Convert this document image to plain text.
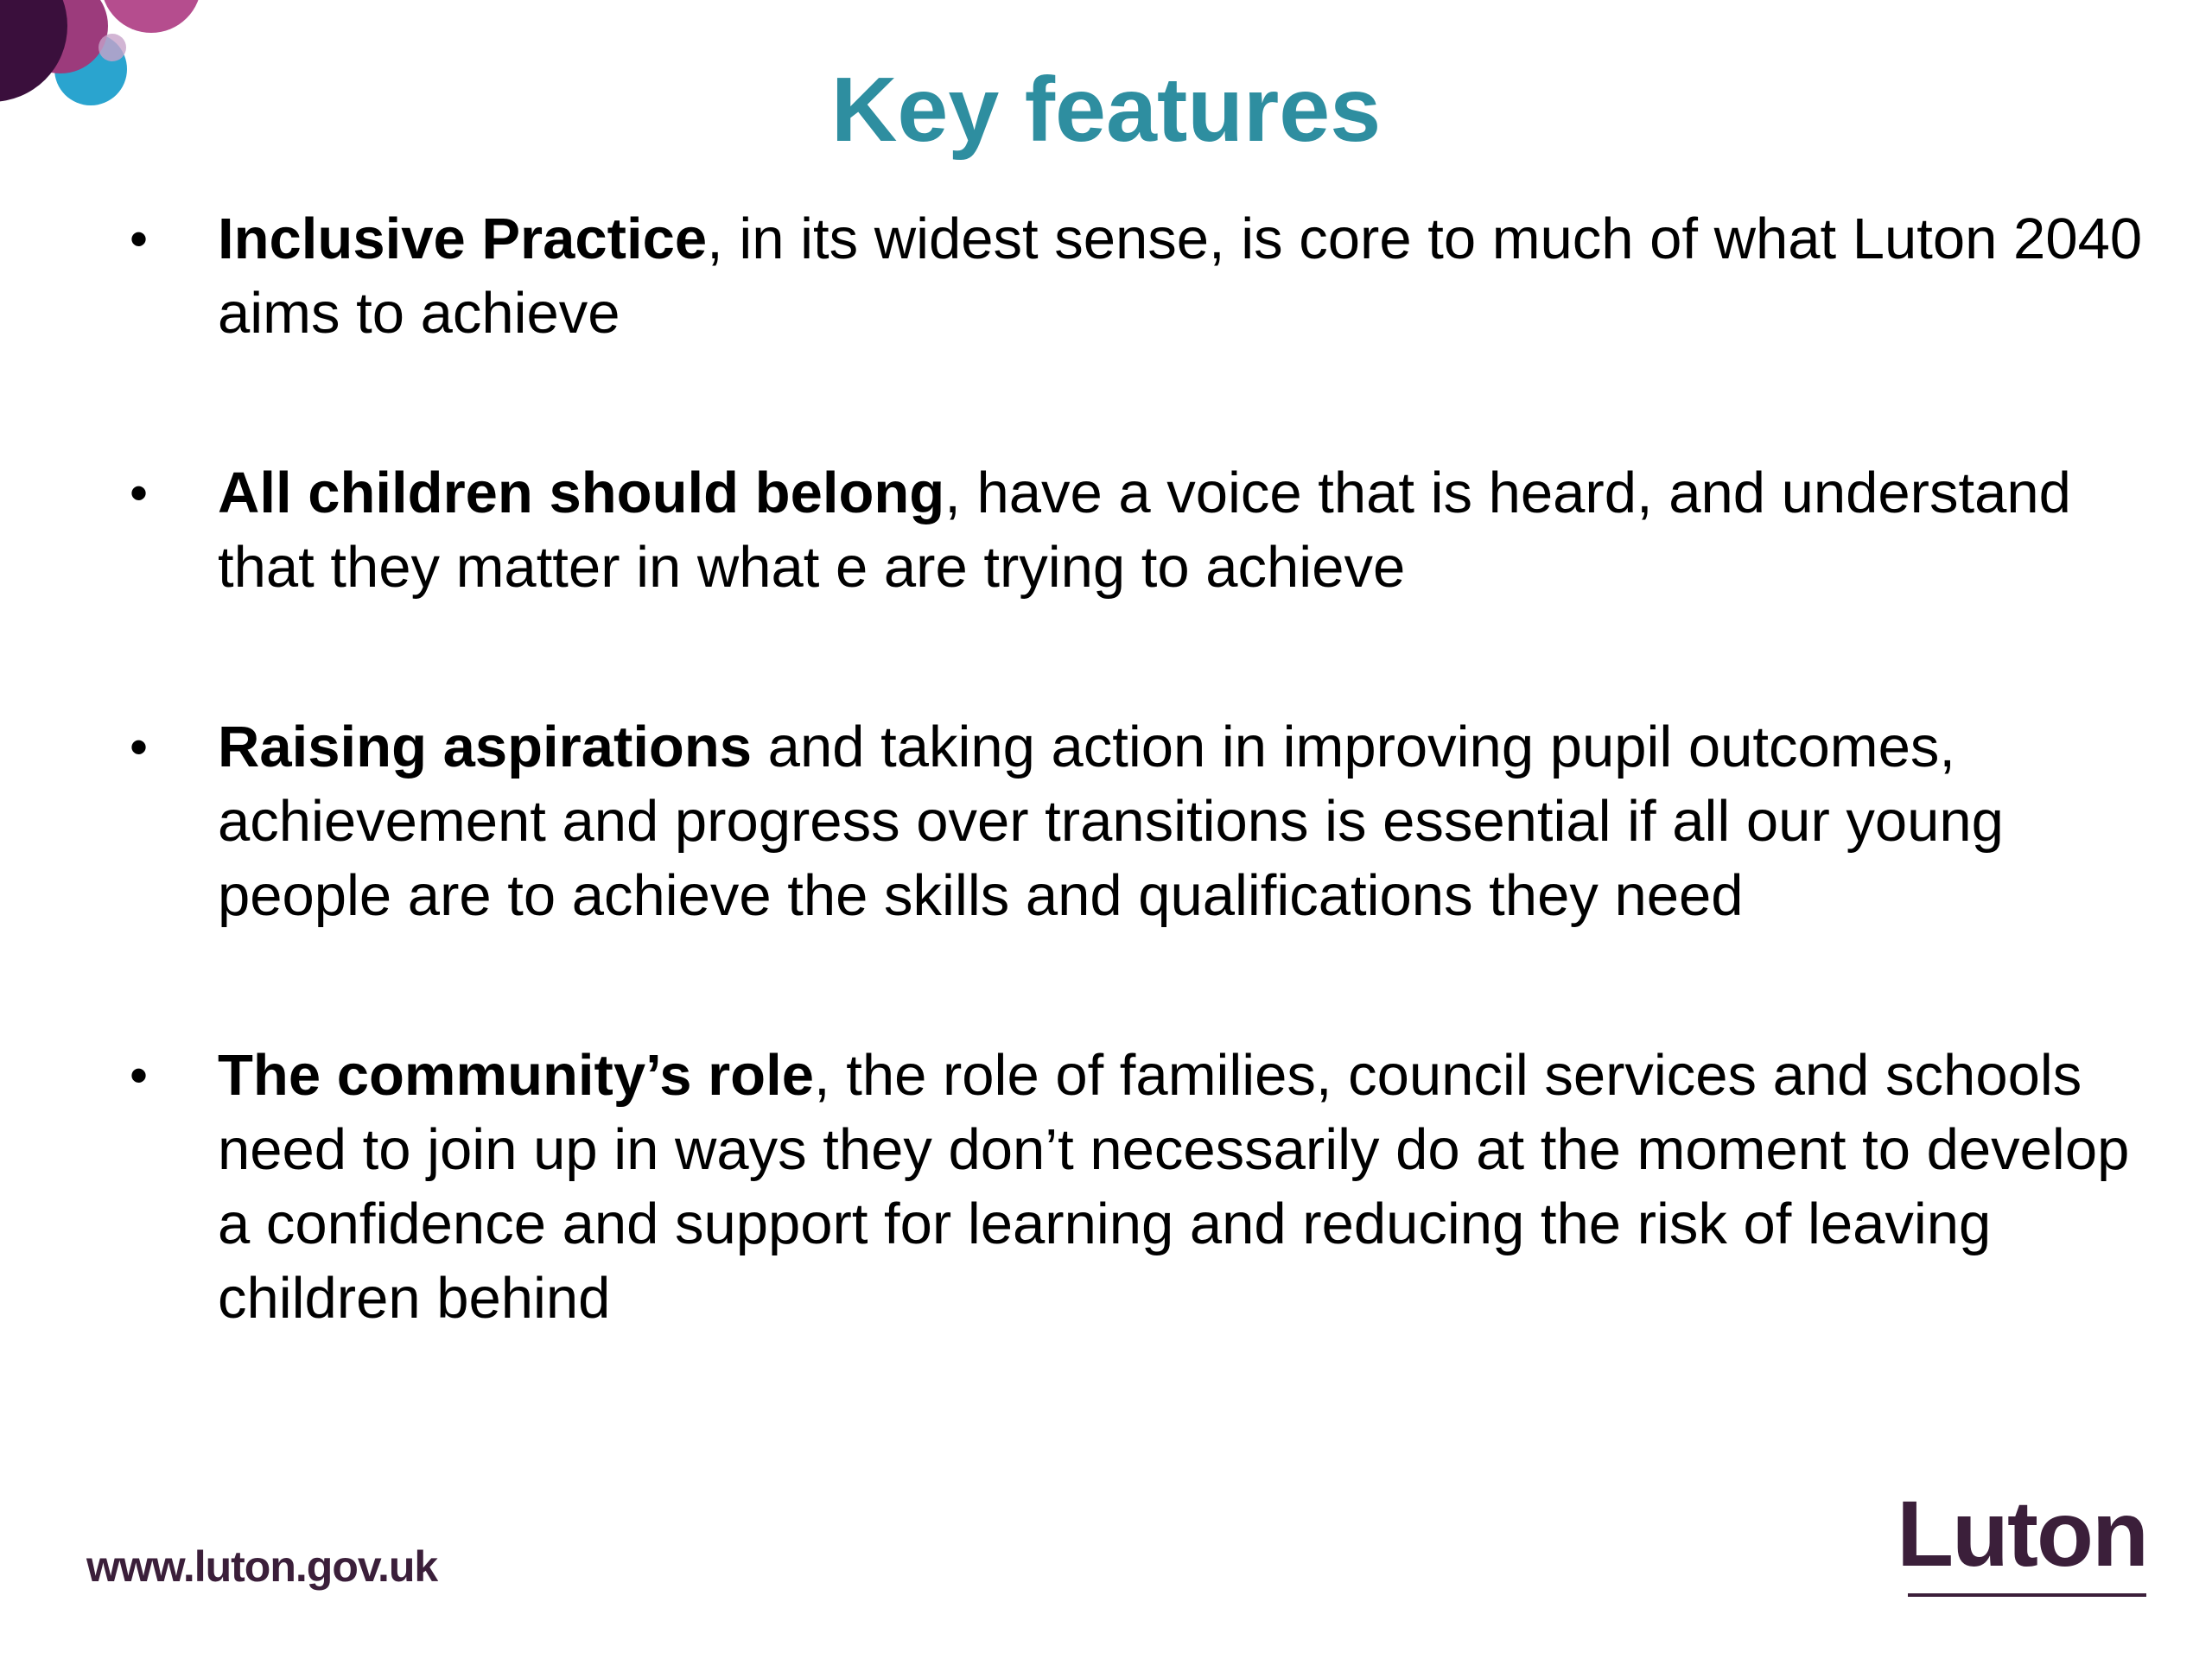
Key features
• Inclusive Practice, in its widest sense, is core to much of what Luton 2040 aims to achieve
• All children should belong, have a voice that is heard, and understand that they matter in what e are trying to achieve
• Raising aspirations and taking action in improving pupil outcomes, achievement and progress over transitions is essential if all our young people are to achieve the skills and qualifications they need
• The community’s role, the role of families, council services and schools need to join up in ways they don’t necessarily do at the moment to develop a confidence and support for learning and reducing the risk of leaving children behind
www.luton.gov.uk	Luton
